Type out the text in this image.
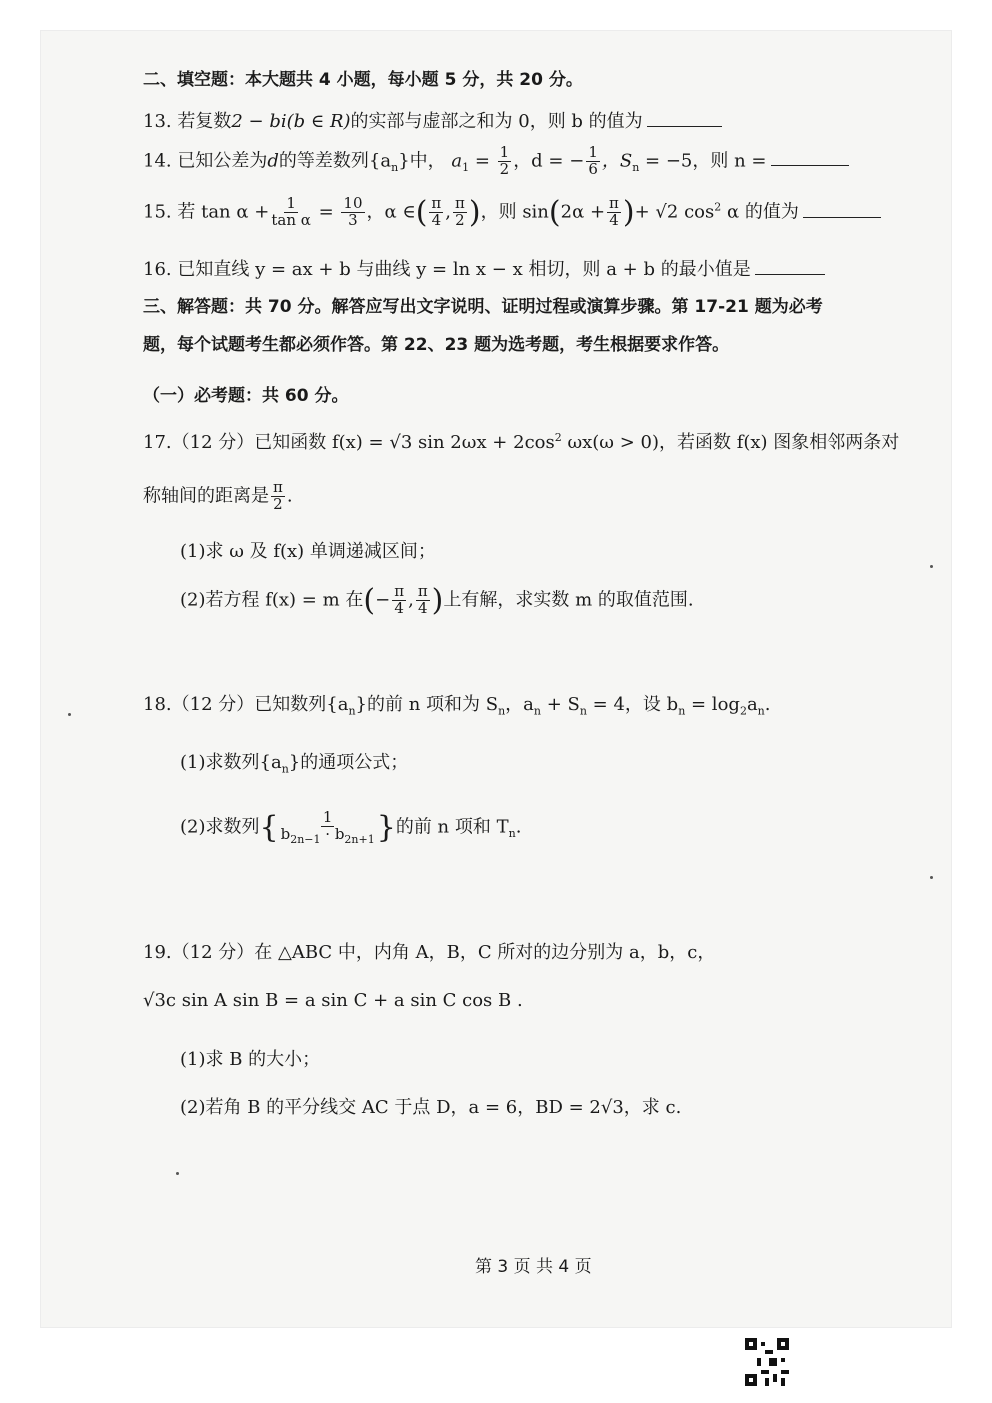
二、填空题：本大题共 4 小题，每小题 5 分，共 20 分。
13. 若复数2 − bi(b ∈ R)的实部与虚部之和为 0，则 b 的值为
14. 已知公差为d的等差数列$\{a_n\}$中， $a_1 = \frac{1}{2}$ ，d = − $\frac{1}{6}$ ，$S_n = -5$，则 n =
15. 若 $\tan \alpha + \frac{1}{\text{tan α}} = \frac{10}{3}$ ，α ∈( $\frac{\pi}{4}$ , $\frac{\pi}{2}$ )，则 $\sin(2\alpha + \frac{\pi}{4}$ )+ √2 $\cos^2 \alpha$ 的值为
16. 已知直线 y = ax + b 与曲线 y = ln x − x 相切，则 a + b 的最小值是
三、解答题：共 70 分。解答应写出文字说明、证明过程或演算步骤。第 17-21 题为必考
题，每个试题考生都必须作答。第 22、23 题为选考题，考生根据要求作答。
（一）必考题：共 60 分。
17.（12 分）已知函数 f(x) = √3 $\sin 2\omega x + 2\cos^2$ ωx(ω > 0)，若函数 f(x) 图象相邻两条对
称轴间的距离是 $\frac{\pi}{2}$ .
(1)求 ω 及 f(x) 单调递减区间；
(2)若方程 f(x) = m 在(− $\frac{\pi}{4}$ , $\frac{\pi}{4}$ )上有解，求实数 m 的取值范围.
18.（12 分）已知数列$\{a_n\}$的前 n 项和为 $S_n$，$a_n + S_n = 4$，设 $b_n = \log_2a_n$.
(1)求数列$\{a_n\}$的通项公式；
(2)求数列{ $\frac{1}{b_{2n-1} \cdot b_{2n+1}}$ }的前 n 项和 $T_n$.
19.（12 分）在 △ABC 中，内角 A，B，C 所对的边分别为 a，b，c，
√3c sin A sin B = a sin C + a sin C cos B .
(1)求 B 的大小；
(2)若角 B 的平分线交 AC 于点 D，a = 6，BD = 2√3，求 c.
第 3 页 共 4 页
